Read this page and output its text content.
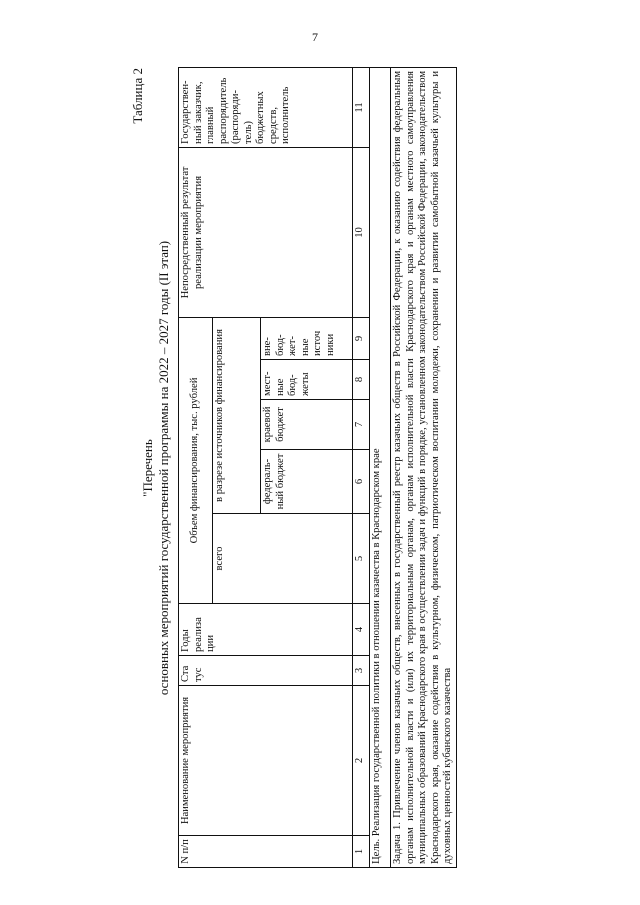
7
Таблица 2
"Перечень основных мероприятий государственной программы на 2022 – 2027 годы (II этап)
N п/п	Наименование мероприятия	Ста тус	Годы реализа ции	Объем финансирования, тыс. рублей					Непосредственный результат реализации мероприятия	Государствен- ный заказчик, главный распорядитель (распоряди- тель) бюджетных средств, исполнитель
				всего	в разрезе источников финансирования					
					федераль- ный бюджет	краевой бюджет	мест- ные бюд- жеты	вне- бюд- жет- ные источ ники		
1	2	3	4	5	6	7	8	9	10	11
Цель. Реализация государственной политики в отношении казачества в Краснодарском крае										
Задача 1. Привлечение членов казачьих обществ, внесенных в государственный реестр казачьих обществ в Российской Федерации, к оказанию содействия федеральным органам исполнительной власти и (или) их территориальным органам, органам исполнительной власти Краснодарского края и органам местного самоуправления муниципальных образований Краснодарского края в осуществлении задач и функций в порядке, установленном законодательством Российской Федерации, законодательством Краснодарского края, оказание содействия в культурном, физическом, патриотическом воспитании молодежи, сохранении и развитии самобытной казачьей культуры и духовных ценностей кубанского казачества										
